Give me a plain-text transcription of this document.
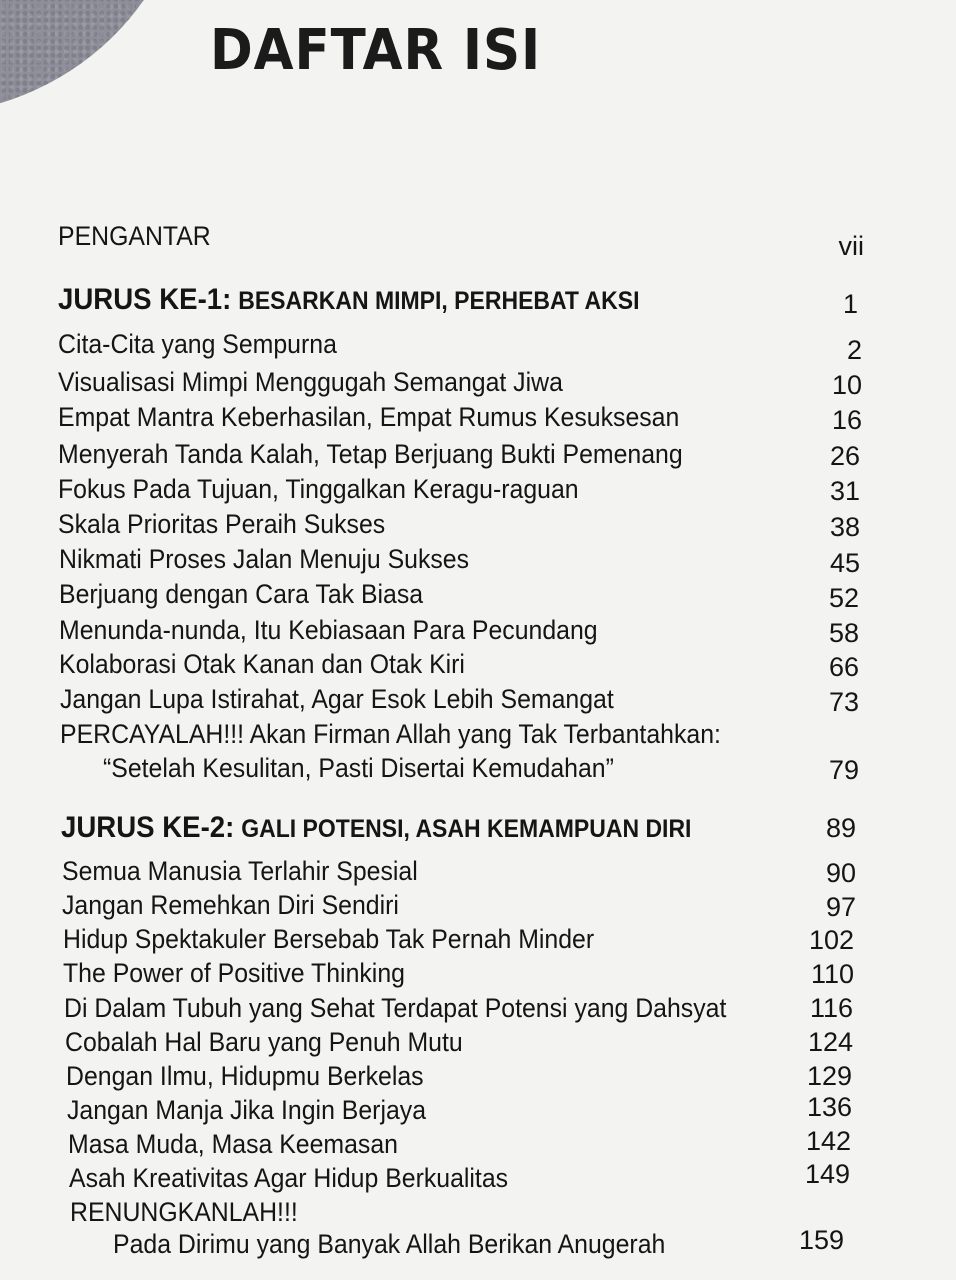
DAFTAR ISI
PENGANTAR	vii
JURUS KE-1: BESARKAN MIMPI, PERHEBAT AKSI	1
Cita-Cita yang Sempurna	2
Visualisasi Mimpi Menggugah Semangat Jiwa	10
Empat Mantra Keberhasilan, Empat Rumus Kesuksesan	16
Menyerah Tanda Kalah, Tetap Berjuang Bukti Pemenang	26
Fokus Pada Tujuan, Tinggalkan Keragu-raguan	31
Skala Prioritas Peraih Sukses	38
Nikmati Proses Jalan Menuju Sukses	45
Berjuang dengan Cara Tak Biasa	52
Menunda-nunda, Itu Kebiasaan Para Pecundang	58
Kolaborasi Otak Kanan dan Otak Kiri	66
Jangan Lupa Istirahat, Agar Esok Lebih Semangat	73
PERCAYALAH!!! Akan Firman Allah yang Tak Terbantahkan:
“Setelah Kesulitan, Pasti Disertai Kemudahan”	79
JURUS KE-2: GALI POTENSI, ASAH KEMAMPUAN DIRI	89
Semua Manusia Terlahir Spesial	90
Jangan Remehkan Diri Sendiri	97
Hidup Spektakuler Bersebab Tak Pernah Minder	102
The Power of Positive Thinking	110
Di Dalam Tubuh yang Sehat Terdapat Potensi yang Dahsyat	116
Cobalah Hal Baru yang Penuh Mutu	124
Dengan Ilmu, Hidupmu Berkelas	129
Jangan Manja Jika Ingin Berjaya	136
Masa Muda, Masa Keemasan	142
Asah Kreativitas Agar Hidup Berkualitas	149
RENUNGKANLAH!!!
Pada Dirimu yang Banyak Allah Berikan Anugerah	159
